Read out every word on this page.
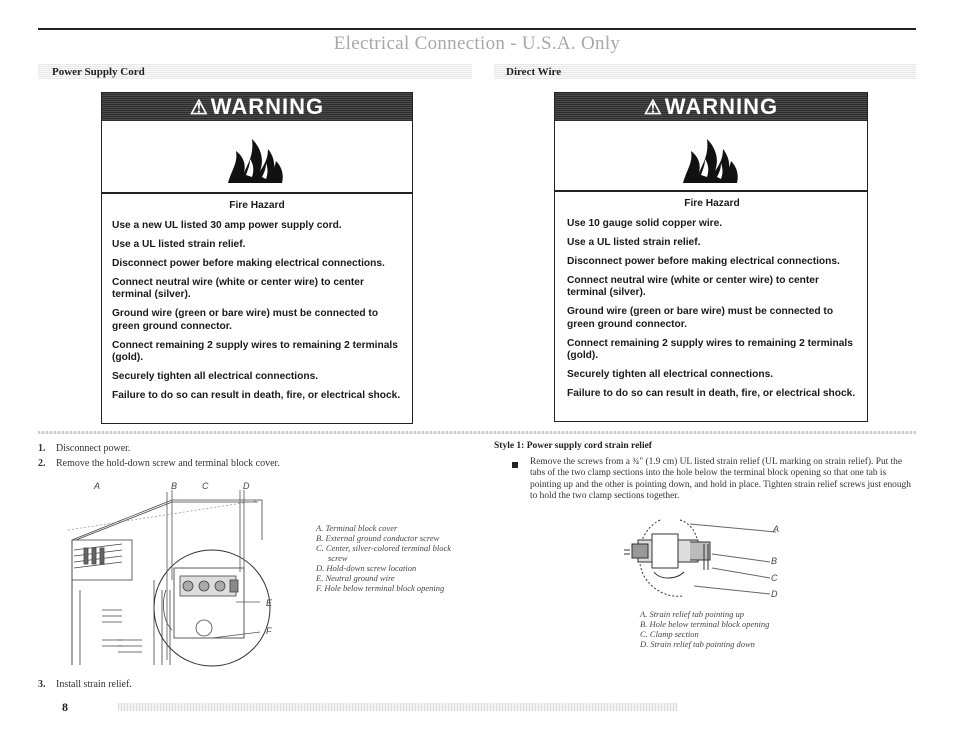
Electrical Connection - U.S.A. Only
Power Supply Cord	Direct Wire
⚠WARNING
Fire Hazard

Use a new UL listed 30 amp power supply cord.

Use a UL listed strain relief.

Disconnect power before making electrical connections.

Connect neutral wire (white or center wire) to center terminal (silver).

Ground wire (green or bare wire) must be connected to green ground connector.

Connect remaining 2 supply wires to remaining 2 terminals (gold).

Securely tighten all electrical connections.

Failure to do so can result in death, fire, or electrical shock.

⚠WARNING
Fire Hazard

Use 10 gauge solid copper wire.

Use a UL listed strain relief.

Disconnect power before making electrical connections.

Connect neutral wire (white or center wire) to center terminal (silver).

Ground wire (green or bare wire) must be connected to green ground connector.

Connect remaining 2 supply wires to remaining 2 terminals (gold).

Securely tighten all electrical connections.

Failure to do so can result in death, fire, or electrical shock.

1. Disconnect power.
2. Remove the hold-down screw and terminal block cover.
3. Install strain relief.
A	B	C	D
E
F
A. Terminal block cover
B. External ground conductor screw
C. Center, silver-colored terminal block screw
D. Hold-down screw location
E. Neutral ground wire
F. Hole below terminal block opening
Style 1: Power supply cord strain relief
Remove the screws from a ¾" (1.9 cm) UL listed strain relief (UL marking on strain relief). Put the tabs of the two clamp sections into the hole below the terminal block opening so that one tab is pointing up and the other is pointing down, and hold in place. Tighten strain relief screws just enough to hold the two clamp sections together.
A
B
C
D
A. Strain relief tab pointing up
B. Hole below terminal block opening
C. Clamp section
D. Strain relief tab pointing down
8
